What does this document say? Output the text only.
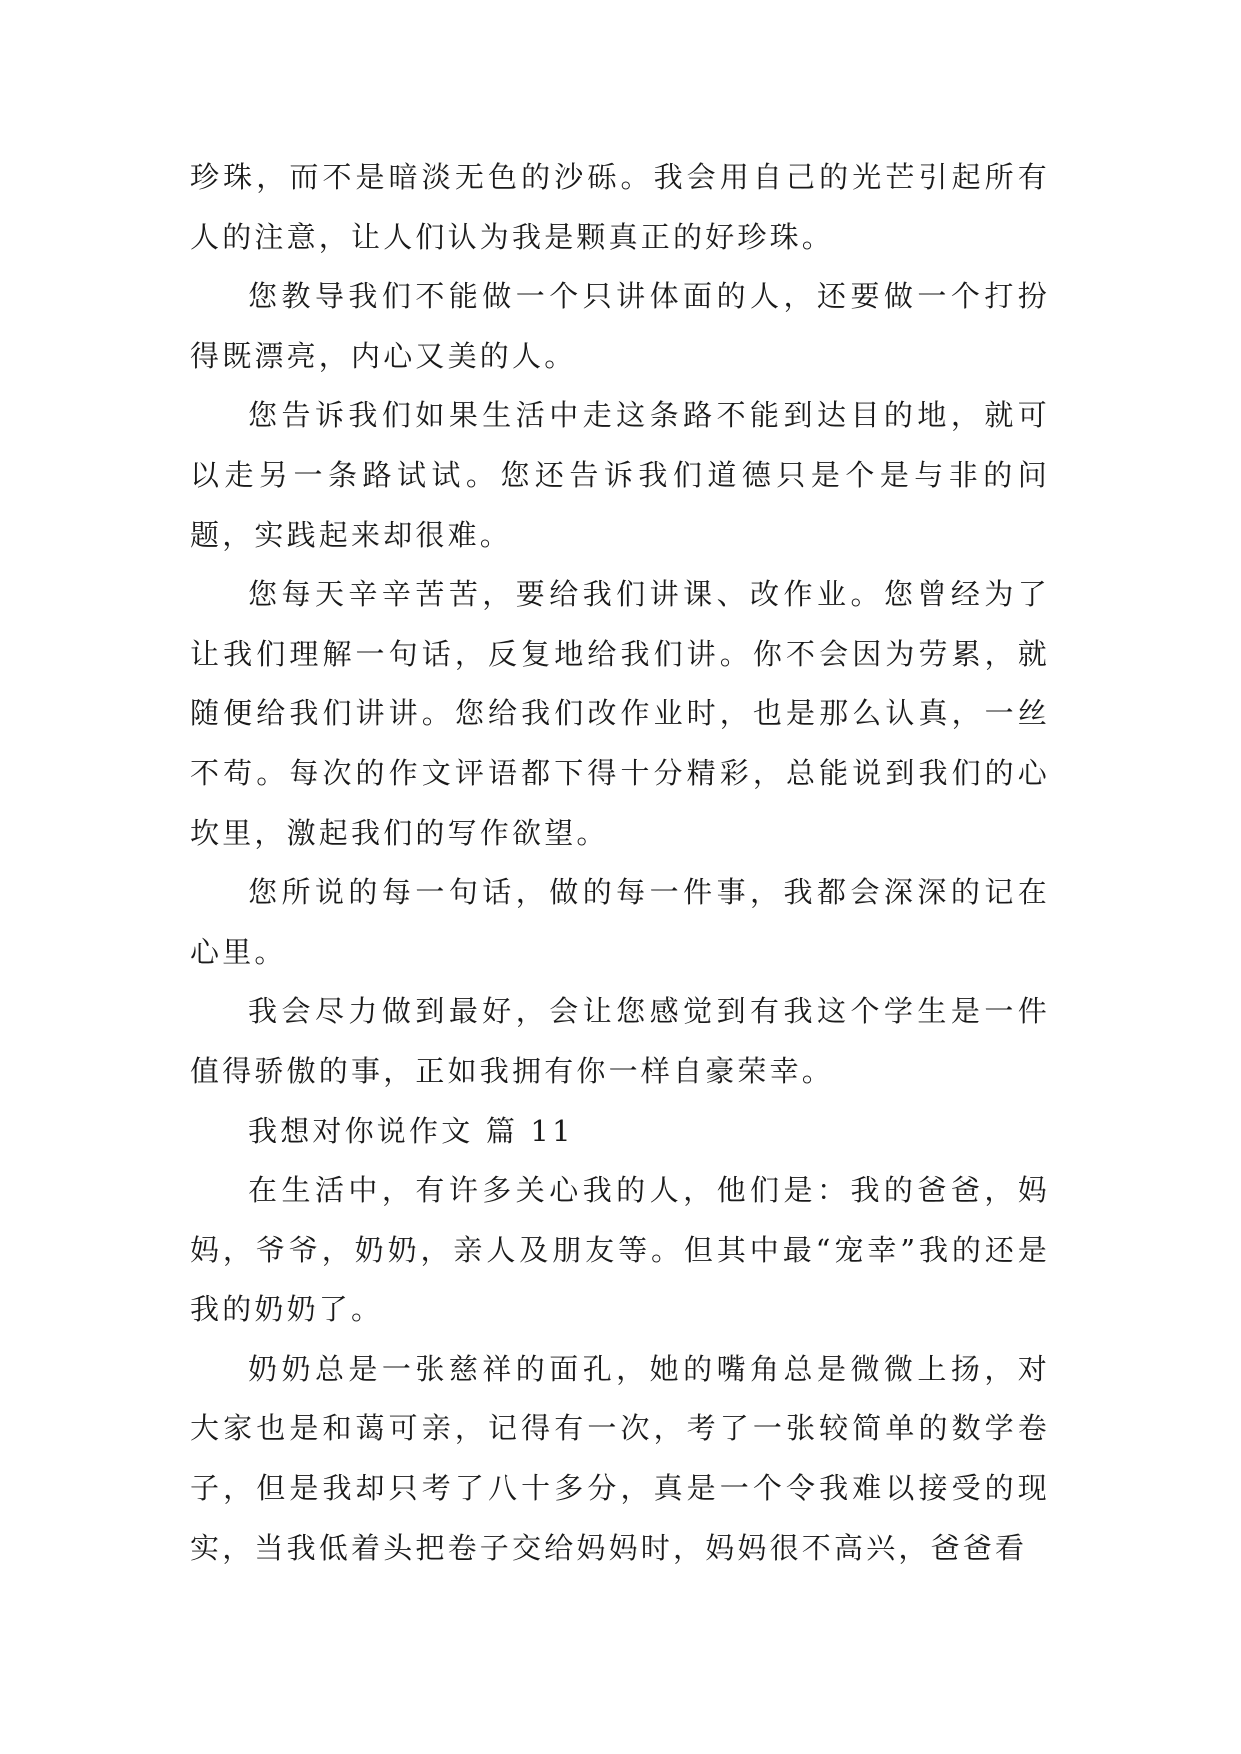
珍珠，而不是暗淡无色的沙砾。我会用自己的光芒引起所有人的注意，让人们认为我是颗真正的好珍珠。

您教导我们不能做一个只讲体面的人，还要做一个打扮得既漂亮，内心又美的人。

您告诉我们如果生活中走这条路不能到达目的地，就可以走另一条路试试。您还告诉我们道德只是个是与非的问题，实践起来却很难。

您每天辛辛苦苦，要给我们讲课、改作业。您曾经为了让我们理解一句话，反复地给我们讲。你不会因为劳累，就随便给我们讲讲。您给我们改作业时，也是那么认真，一丝不苟。每次的作文评语都下得十分精彩，总能说到我们的心坎里，激起我们的写作欲望。

您所说的每一句话，做的每一件事，我都会深深的记在心里。

我会尽力做到最好，会让您感觉到有我这个学生是一件值得骄傲的事，正如我拥有你一样自豪荣幸。

我想对你说作文 篇 11

在生活中，有许多关心我的人，他们是：我的爸爸，妈妈，爷爷，奶奶，亲人及朋友等。但其中最“宠幸”我的还是我的奶奶了。

奶奶总是一张慈祥的面孔，她的嘴角总是微微上扬，对大家也是和蔼可亲，记得有一次，考了一张较简单的数学卷子，但是我却只考了八十多分，真是一个令我难以接受的现实，当我低着头把卷子交给妈妈时，妈妈很不高兴，爸爸看
